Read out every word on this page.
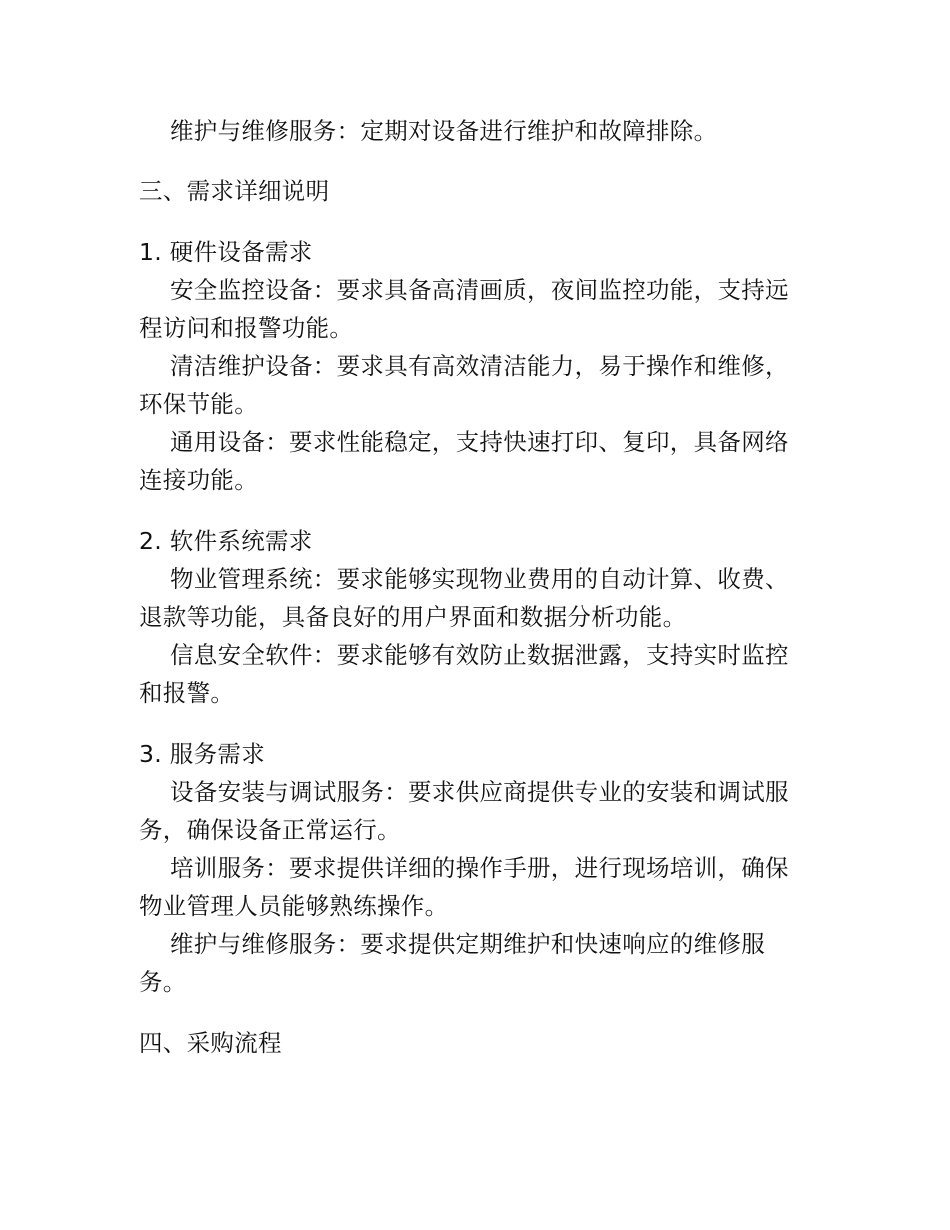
维护与维修服务：定期对设备进行维护和故障排除。

三、需求详细说明

1. 硬件设备需求

安全监控设备：要求具备高清画质，夜间监控功能，支持远程访问和报警功能。

清洁维护设备：要求具有高效清洁能力，易于操作和维修，环保节能。

通用设备：要求性能稳定，支持快速打印、复印，具备网络连接功能。

2. 软件系统需求

物业管理系统：要求能够实现物业费用的自动计算、收费、退款等功能，具备良好的用户界面和数据分析功能。

信息安全软件：要求能够有效防止数据泄露，支持实时监控和报警。

3. 服务需求

设备安装与调试服务：要求供应商提供专业的安装和调试服务，确保设备正常运行。

培训服务：要求提供详细的操作手册，进行现场培训，确保物业管理人员能够熟练操作。

维护与维修服务：要求提供定期维护和快速响应的维修服务。

四、采购流程
